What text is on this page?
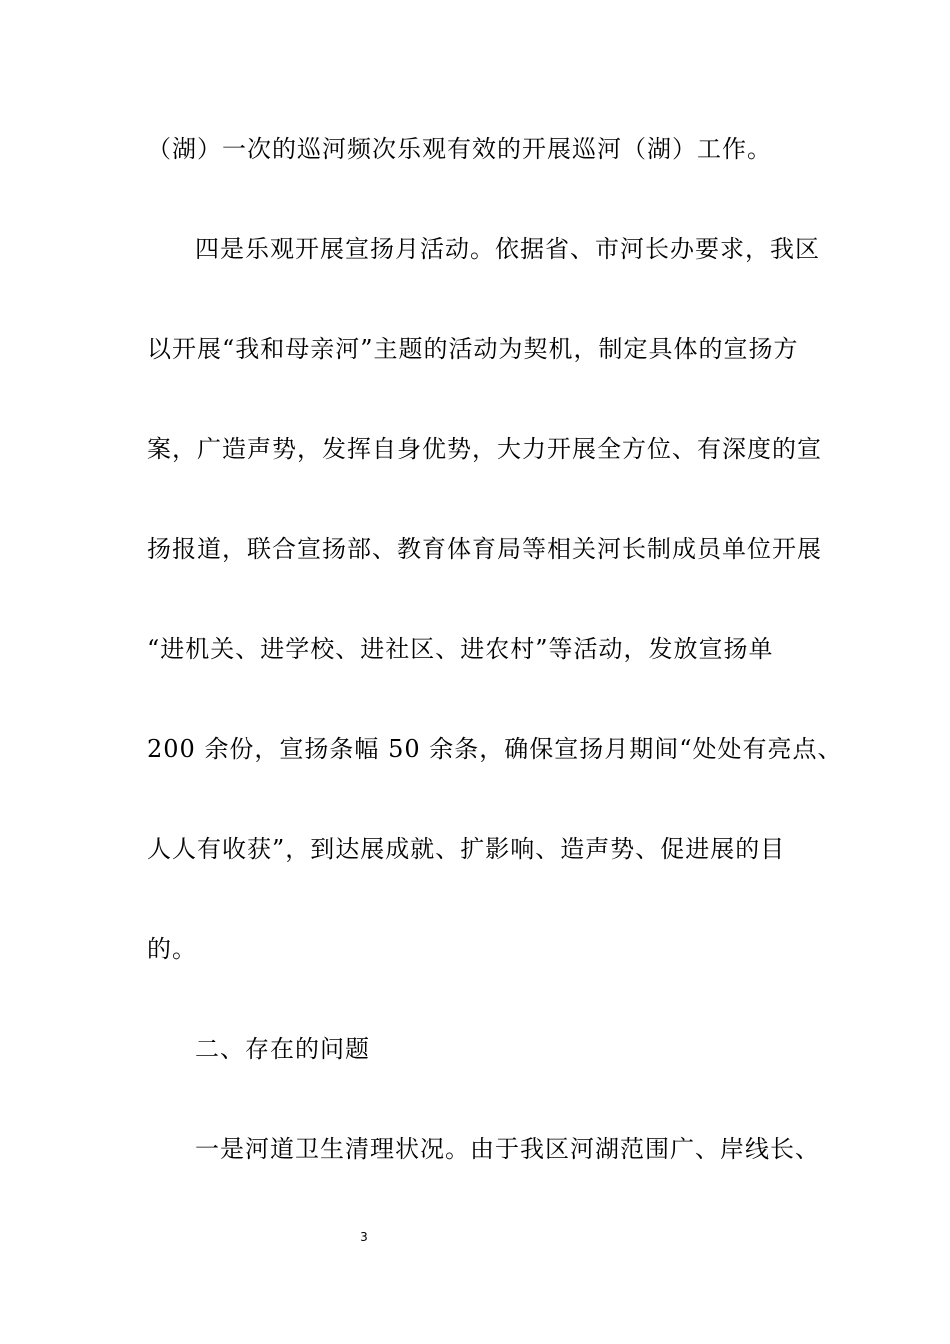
（湖）一次的巡河频次乐观有效的开展巡河（湖）工作。
四是乐观开展宣扬月活动。依据省、市河长办要求，我区
以开展“我和母亲河”主题的活动为契机，制定具体的宣扬方
案，广造声势，发挥自身优势，大力开展全方位、有深度的宣
扬报道，联合宣扬部、教育体育局等相关河长制成员单位开展
“进机关、进学校、进社区、进农村”等活动，发放宣扬单
200 余份，宣扬条幅 50 余条，确保宣扬月期间“处处有亮点、
人人有收获”，到达展成就、扩影响、造声势、促进展的目
的。
二、存在的问题
一是河道卫生清理状况。由于我区河湖范围广、岸线长、
3
